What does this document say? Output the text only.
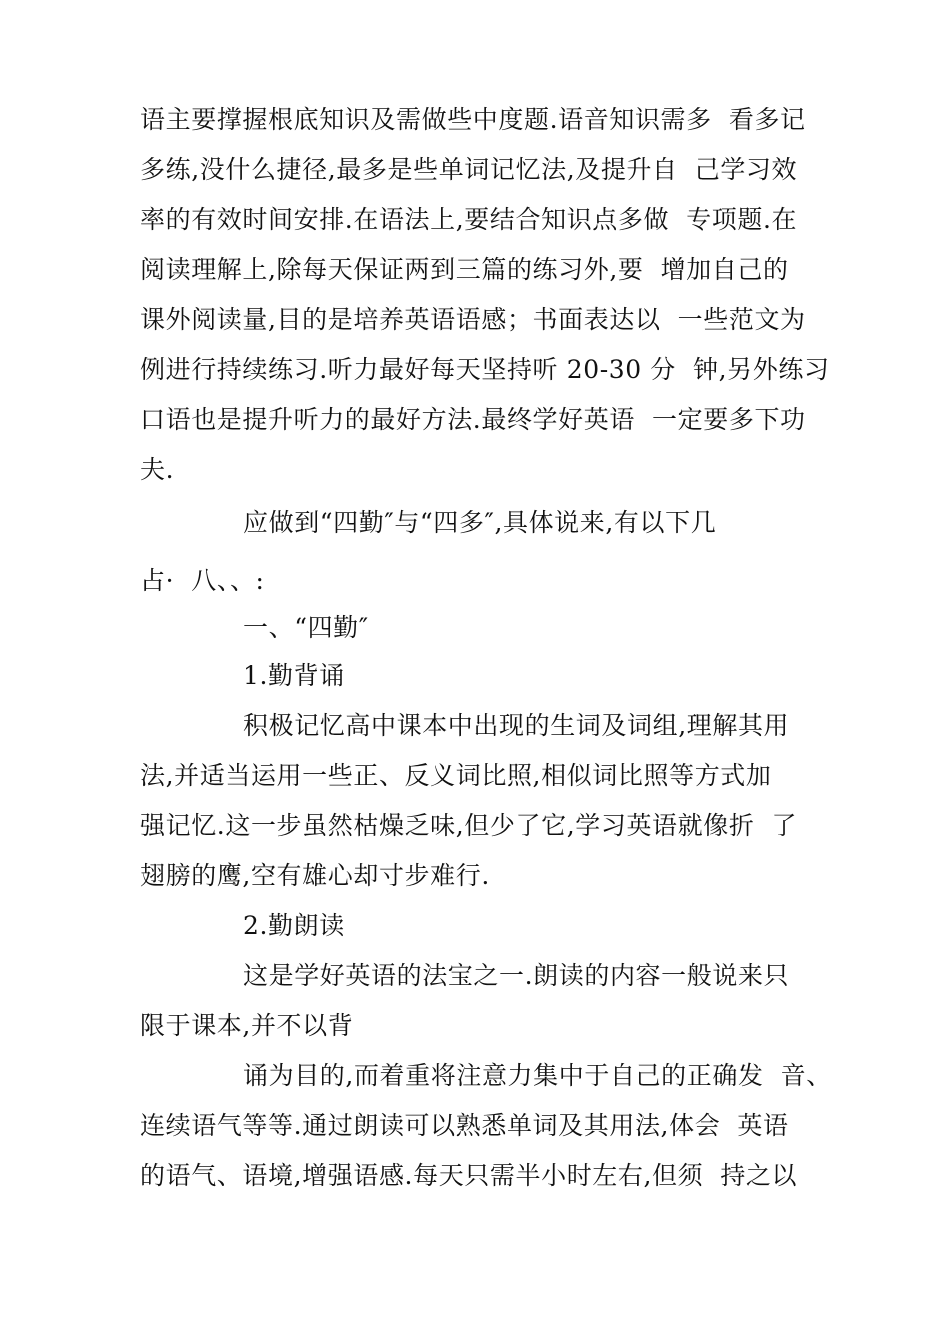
语主要撑握根底知识及需做些中度题.语音知识需多  看多记
多练,没什么捷径,最多是些单词记忆法,及提升自  己学习效
率的有效时间安排.在语法上,要结合知识点多做  专项题.在
阅读理解上,除每天保证两到三篇的练习外,要  增加自己的
课外阅读量,目的是培养英语语感；书面表达以  一些范文为
例进行持续练习.听力最好每天坚持听 20-30 分  钟,另外练习
口语也是提升听力的最好方法.最终学好英语  一定要多下功
夫.
应做到“四勤″与“四多″,具体说来,有以下几
占·  八、、:
一、“四勤″
1.勤背诵
积极记忆高中课本中出现的生词及词组,理解其用
法,并适当运用一些正、反义词比照,相似词比照等方式加
强记忆.这一步虽然枯燥乏味,但少了它,学习英语就像折  了
翅膀的鹰,空有雄心却寸步难行.
2.勤朗读
这是学好英语的法宝之一.朗读的内容一般说来只
限于课本,并不以背
诵为目的,而着重将注意力集中于自己的正确发  音、
连续语气等等.通过朗读可以熟悉单词及其用法,体会  英语
的语气、语境,增强语感.每天只需半小时左右,但须  持之以
